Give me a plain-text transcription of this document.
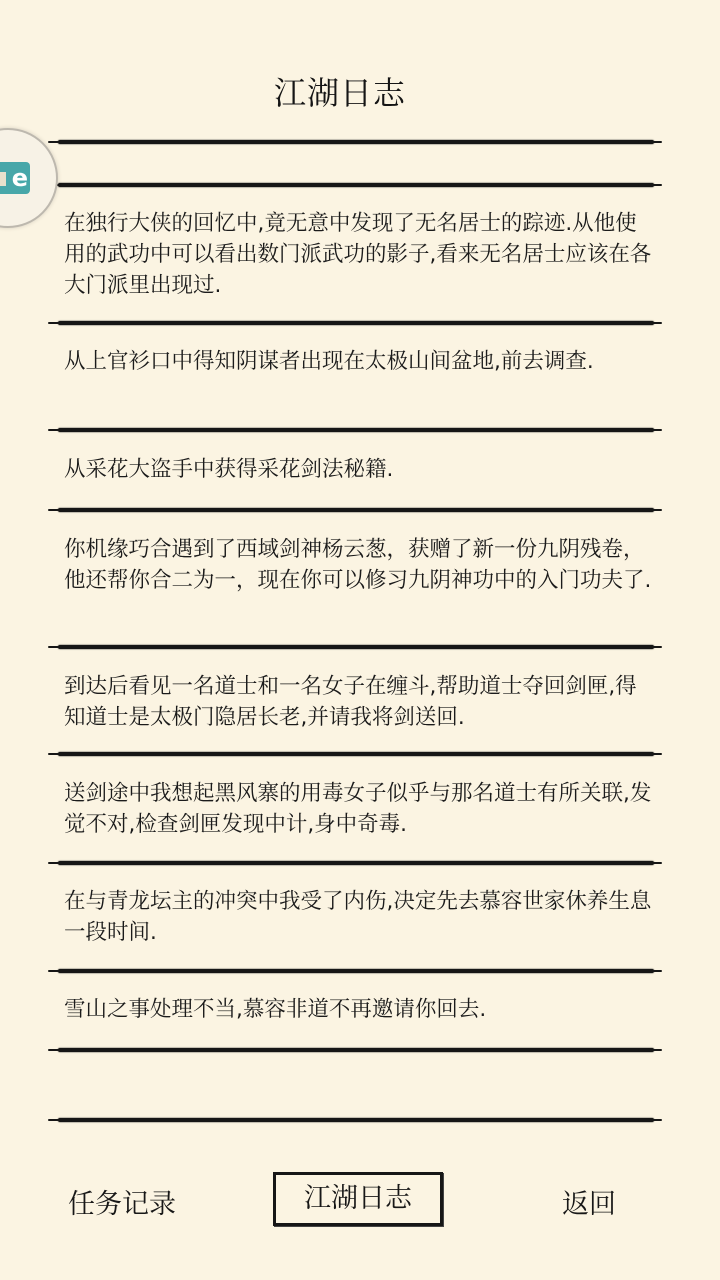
江湖日志
在独行大侠的回忆中,竟无意中发现了无名居士的踪迹.从他使用的武功中可以看出数门派武功的影子,看来无名居士应该在各大门派里出现过.
从上官衫口中得知阴谋者出现在太极山间盆地,前去调查.
从采花大盗手中获得采花剑法秘籍.
你机缘巧合遇到了西域剑神杨云葱，获赠了新一份九阴残卷，他还帮你合二为一，现在你可以修习九阴神功中的入门功夫了.
到达后看见一名道士和一名女子在缠斗,帮助道士夺回剑匣,得知道士是太极门隐居长老,并请我将剑送回.
送剑途中我想起黑风寨的用毒女子似乎与那名道士有所关联,发觉不对,检查剑匣发现中计,身中奇毒.
在与青龙坛主的冲突中我受了内伤,决定先去慕容世家休养生息一段时间.
雪山之事处理不当,慕容非道不再邀请你回去.
e
任务记录	江湖日志	返回
